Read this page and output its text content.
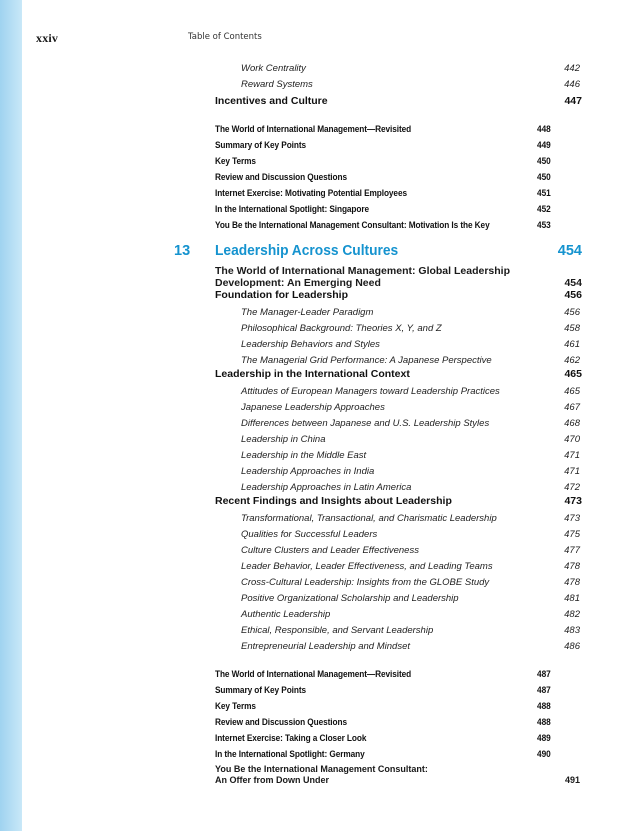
xxiv	Table of Contents
Work Centrality	442
Reward Systems	446
Incentives and Culture	447
The World of International Management—Revisited	448
Summary of Key Points	449
Key Terms	450
Review and Discussion Questions	450
Internet Exercise: Motivating Potential Employees	451
In the International Spotlight: Singapore	452
You Be the International Management Consultant: Motivation Is the Key	453
13	Leadership Across Cultures	454
The World of International Management: Global Leadership
Development: An Emerging Need	454
Foundation for Leadership	456
The Manager-Leader Paradigm	456
Philosophical Background: Theories X, Y, and Z	458
Leadership Behaviors and Styles	461
The Managerial Grid Performance: A Japanese Perspective	462
Leadership in the International Context	465
Attitudes of European Managers toward Leadership Practices	465
Japanese Leadership Approaches	467
Differences between Japanese and U.S. Leadership Styles	468
Leadership in China	470
Leadership in the Middle East	471
Leadership Approaches in India	471
Leadership Approaches in Latin America	472
Recent Findings and Insights about Leadership	473
Transformational, Transactional, and Charismatic Leadership	473
Qualities for Successful Leaders	475
Culture Clusters and Leader Effectiveness	477
Leader Behavior, Leader Effectiveness, and Leading Teams	478
Cross-Cultural Leadership: Insights from the GLOBE Study	478
Positive Organizational Scholarship and Leadership	481
Authentic Leadership	482
Ethical, Responsible, and Servant Leadership	483
Entrepreneurial Leadership and Mindset	486
The World of International Management—Revisited	487
Summary of Key Points	487
Key Terms	488
Review and Discussion Questions	488
Internet Exercise: Taking a Closer Look	489
In the International Spotlight: Germany	490
You Be the International Management Consultant:
An Offer from Down Under	491
